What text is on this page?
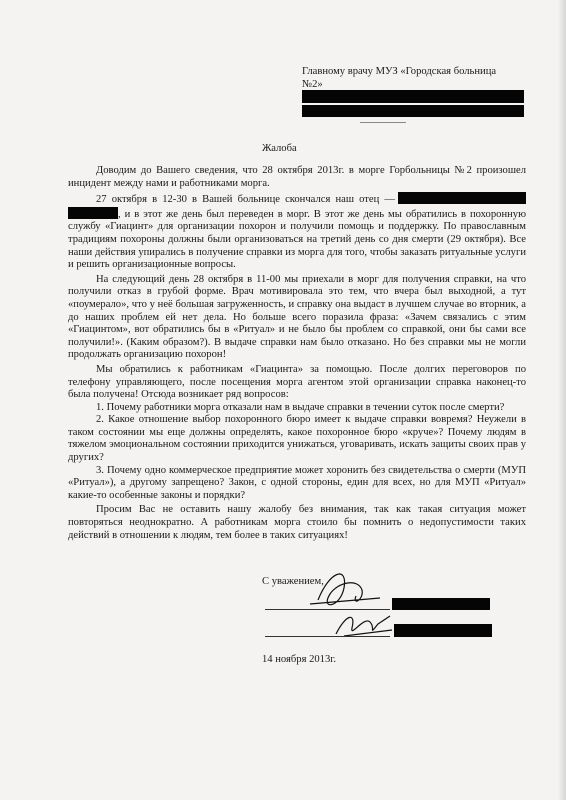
Главному врачу МУЗ «Городская больница
№2»
Жалоба

Доводим до Вашего сведения, что 28 октября 2013г. в морге Горбольницы №2 произошел инцидент между нами и работниками морга.

27 октября в 12-30 в Вашей больнице скончался наш отец — , и в этот же день был переведен в морг. В этот же день мы обратились в похоронную службу «Гиацинт» для организации похорон и получили помощь и поддержку. По православным традициям похороны должны были организоваться на третий день со дня смерти (29 октября). Все наши действия упирались в получение справки из морга для того, чтобы заказать ритуальные услуги и решить организационные вопросы.

На следующий день 28 октября в 11-00 мы приехали в морг для получения справки, на что получили отказ в грубой форме. Врач мотивировала это тем, что вчера был выходной, а тут «поумерало», что у неё большая загруженность, и справку она выдаст в лучшем случае во вторник, а до наших проблем ей нет дела. Но больше всего поразила фраза: «Зачем связались с этим «Гиацинтом», вот обратились бы в «Ритуал» и не было бы проблем со справкой, они бы сами все получили!». (Каким образом?). В выдаче справки нам было отказано. Но без справки мы не могли продолжать организацию похорон!

Мы обратились к работникам «Гиацинта» за помощью. После долгих переговоров по телефону управляющего, после посещения морга агентом этой организации справка наконец-то была получена! Отсюда возникает ряд вопросов:

1. Почему работники морга отказали нам в выдаче справки в течении суток после смерти?

2. Какое отношение выбор похоронного бюро имеет к выдаче справки вовремя? Неужели в таком состоянии мы еще должны определять, какое похоронное бюро «круче»? Почему людям в тяжелом эмоциональном состоянии приходится унижаться, уговаривать, искать защиты своих прав у других?

3. Почему одно коммерческое предприятие может хоронить без свидетельства о смерти (МУП «Ритуал»), а другому запрещено? Закон, с одной стороны, един для всех, но для МУП «Ритуал» какие-то особенные законы и порядки?

Просим Вас не оставить нашу жалобу без внимания, так как такая ситуация может повторяться неоднократно. А работникам морга стоило бы помнить о недопустимости таких действий в отношении к людям, тем более в таких ситуациях!

С уважением,
14 ноября 2013г.
